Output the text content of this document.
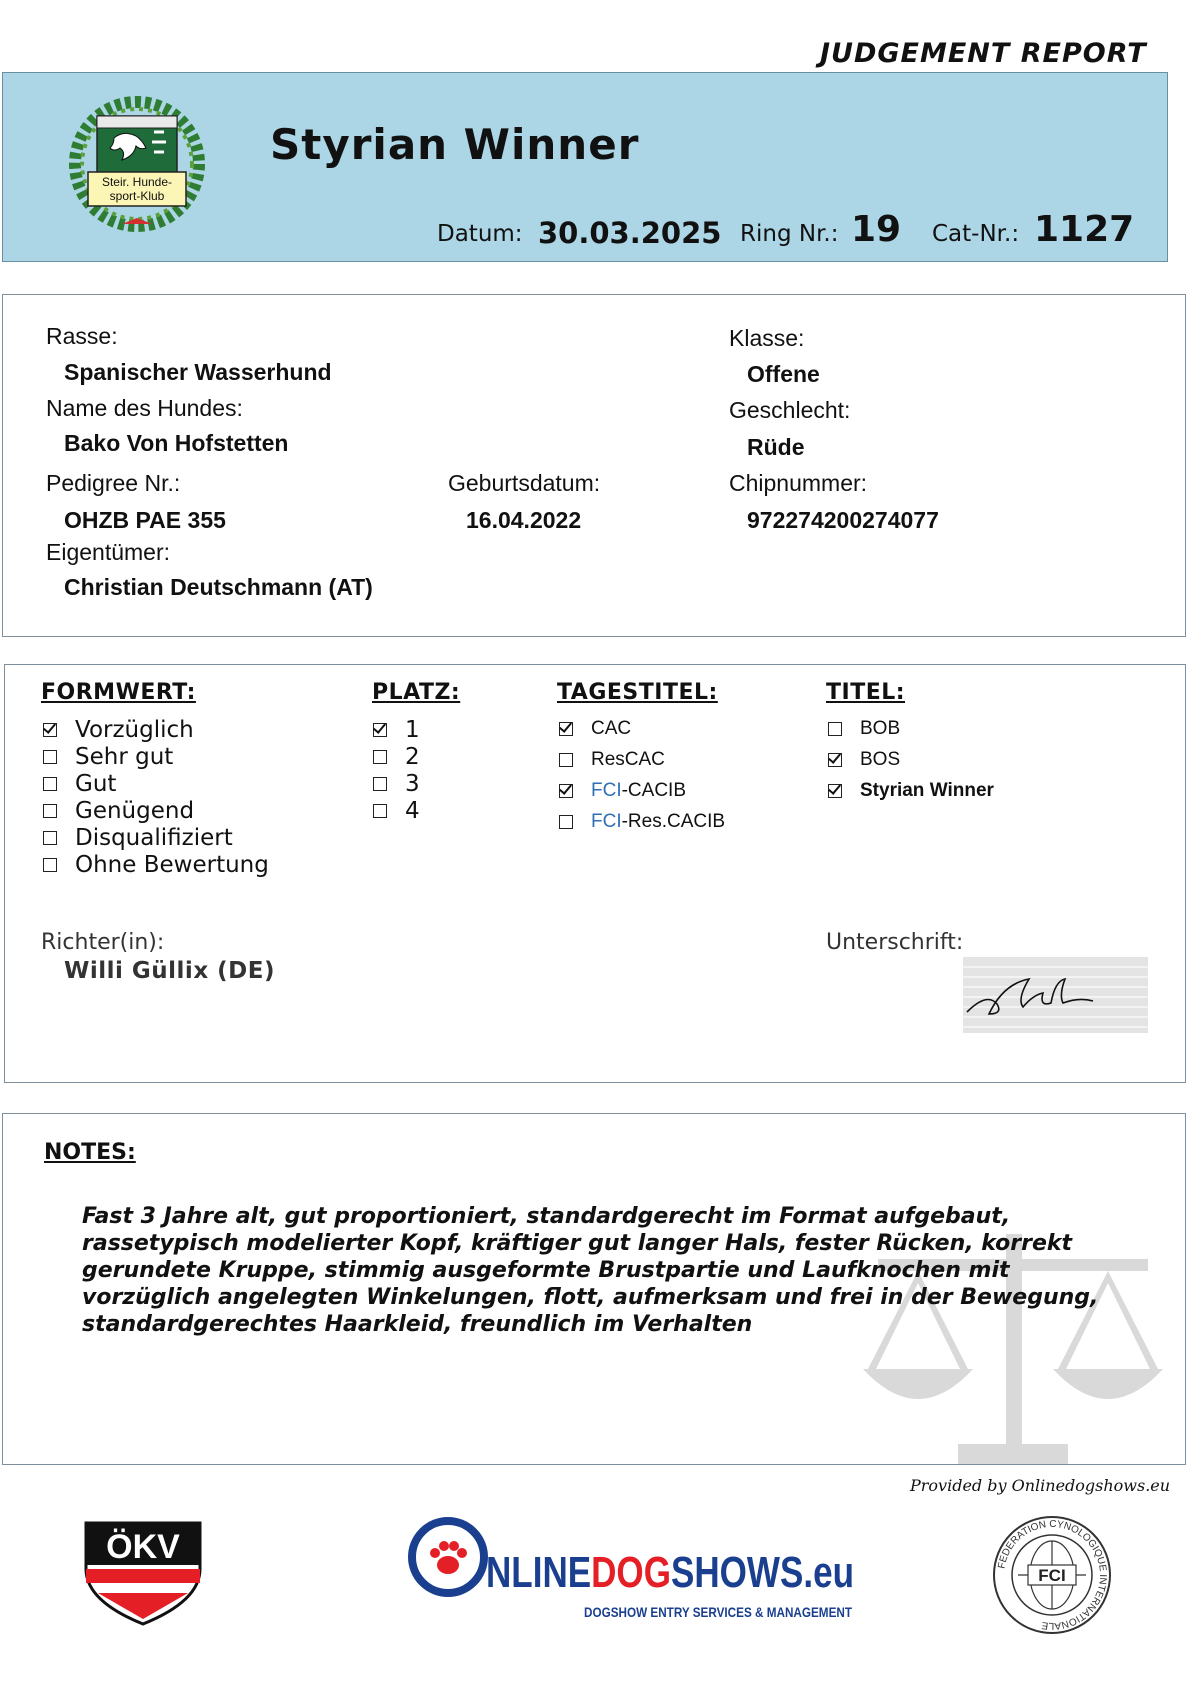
JUDGEMENT REPORT
Steir. Hunde-
sport-Klub
Styrian Winner
Datum: 30.03.2025 Ring Nr.: 19 Cat-Nr.: 1127
Rasse:
Spanischer Wasserhund
Name des Hundes:
Bako Von Hofstetten
Pedigree Nr.:
OHZB PAE 355
Eigentümer:
Christian Deutschmann (AT)
Geburtsdatum:
16.04.2022
Klasse:
Offene
Geschlecht:
Rüde
Chipnummer:
972274200274077
FORMWERT:
Vorzüglich
Sehr gut
Gut
Genügend
Disqualifiziert
Ohne Bewertung
PLATZ:
1
2
3
4
TAGESTITEL:
CAC
ResCAC
FCI -CACIB
FCI -Res.CACIB
TITEL:
BOB
BOS
Styrian Winner
Richter(in):
Willi Güllix (DE)
Unterschrift:
NOTES:
Fast 3 Jahre alt, gut proportioniert, standardgerecht im Format aufgebaut,
rassetypisch modelierter Kopf, kräftiger gut langer Hals, fester Rücken, korrekt
gerundete Kruppe, stimmig ausgeformte Brustpartie und Laufknochen mit
vorzüglich angelegten Winkelungen, flott, aufmerksam und frei in der Bewegung,
standardgerechtes Haarkleid, freundlich im Verhalten
Provided by Onlinedogshows.eu
ÖKV
NLINEDOGSHOWS.eu
DOGSHOW ENTRY SERVICES & MANAGEMENT
FEDERATION CYNOLOGIQUE INTERNATIONALE
FCI
